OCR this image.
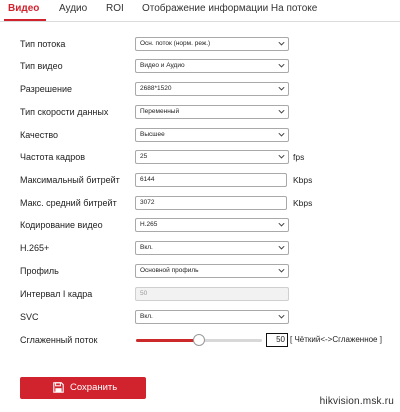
Видео Аудио ROI Отображение информации На потоке
Тип потока	Осн. поток (норм. реж.)
Тип видео	Видео и Аудио
Разрешение	2688*1520
Тип скорости данных	Переменный
Качество	Высшее
Частота кадров	25	fps
Максимальный битрейт	6144	Kbps
Макс. средний битрейт	3072	Kbps
Кодирование видео	H.265
H.265+	Вкл.
Профиль	Основной профиль
Интервал I кадра	50
SVC	Вкл.
Сглаженный поток	50 [ Чёткий<->Сглаженное ]
Сохранить
hikvision.msk.ru
